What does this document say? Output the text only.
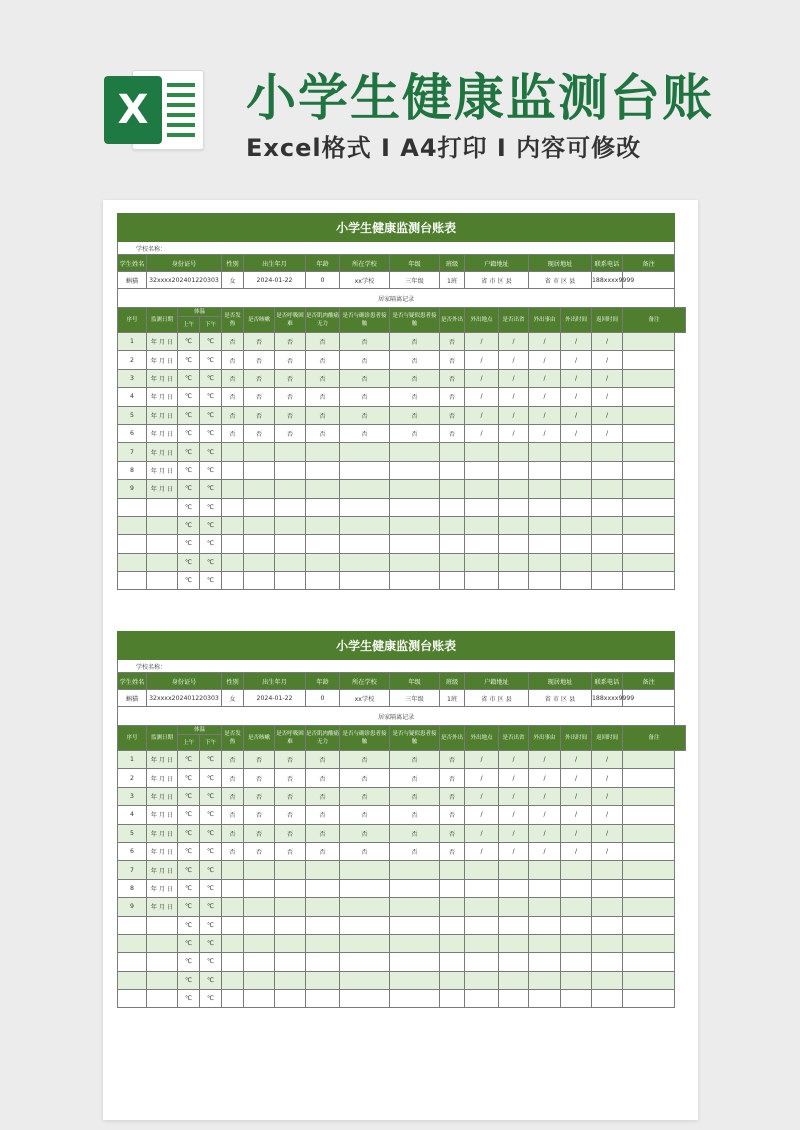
X 小学生健康监测台账
Excel格式 I A4打印 I 内容可修改
小学生健康监测台账表																
学校名称：																
学生姓名	身份证号			性别	出生年月		年龄	所在学校	年级	班级	户籍地址		现居地址		联系电话	备注
蝌猫	32xxxx202401220303			女	2024-01-22		0	xx学校	三年级	1班	省 市 区 县		省 市 区 县		188xxxx9999	
居家隔离记录																
序号	监测日期	体温		是否发热	是否咳嗽	是否呼吸困难	是否肌肉酸痛无力	是否与确诊患者接触	是否与疑似患者接触	是否外出	外出地点	是否出省	外出事由	外出时间	返回时间	备注
		上午	下午													
1	年 月 日	℃	℃	否	否	否	否	否	否	否	/	/	/	/	/	
2	年 月 日	℃	℃	否	否	否	否	否	否	否	/	/	/	/	/	
3	年 月 日	℃	℃	否	否	否	否	否	否	否	/	/	/	/	/	
4	年 月 日	℃	℃	否	否	否	否	否	否	否	/	/	/	/	/	
5	年 月 日	℃	℃	否	否	否	否	否	否	否	/	/	/	/	/	
6	年 月 日	℃	℃	否	否	否	否	否	否	否	/	/	/	/	/	
7	年 月 日	℃	℃													
8	年 月 日	℃	℃													
9	年 月 日	℃	℃													
		℃	℃													
		℃	℃													
		℃	℃													
		℃	℃													
		℃	℃													
小学生健康监测台账表																
学校名称：																
学生姓名	身份证号			性别	出生年月		年龄	所在学校	年级	班级	户籍地址		现居地址		联系电话	备注
蝌猫	32xxxx202401220303			女	2024-01-22		0	xx学校	三年级	1班	省 市 区 县		省 市 区 县		188xxxx9999	
居家隔离记录																
序号	监测日期	体温		是否发热	是否咳嗽	是否呼吸困难	是否肌肉酸痛无力	是否与确诊患者接触	是否与疑似患者接触	是否外出	外出地点	是否出省	外出事由	外出时间	返回时间	备注
		上午	下午													
1	年 月 日	℃	℃	否	否	否	否	否	否	否	/	/	/	/	/	
2	年 月 日	℃	℃	否	否	否	否	否	否	否	/	/	/	/	/	
3	年 月 日	℃	℃	否	否	否	否	否	否	否	/	/	/	/	/	
4	年 月 日	℃	℃	否	否	否	否	否	否	否	/	/	/	/	/	
5	年 月 日	℃	℃	否	否	否	否	否	否	否	/	/	/	/	/	
6	年 月 日	℃	℃	否	否	否	否	否	否	否	/	/	/	/	/	
7	年 月 日	℃	℃													
8	年 月 日	℃	℃													
9	年 月 日	℃	℃													
		℃	℃													
		℃	℃													
		℃	℃													
		℃	℃													
		℃	℃													
